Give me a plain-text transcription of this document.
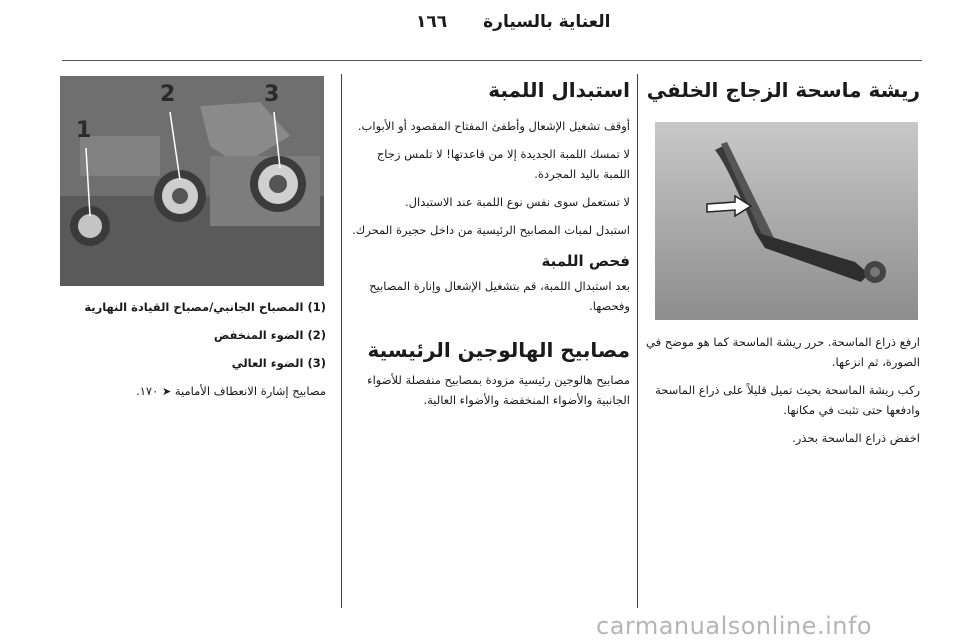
١٦٦ العناية بالسيارة
ريشة ماسحة الزجاج الخلفي

ارفع ذراع الماسحة. حرر ريشة الماسحة كما هو موضح في الصورة، ثم انزعها.

ركب ريشة الماسحة بحيث تميل قليلاً على ذراع الماسحة وادفعها حتى تثبت في مكانها.

اخفض ذراع الماسحة بحذر.

استبدال اللمبة

أوقف تشغيل الإشعال وأطفئ المفتاح المقصود أو الأبواب.

لا تمسك اللمبة الجديدة إلا من قاعدتها! لا تلمس زجاج اللمبة باليد المجردة.

لا تستعمل سوى نفس نوع اللمبة عند الاستبدال.

استبدل لمبات المصابيح الرئيسية من داخل حجيرة المحرك.

فحص اللمبة

بعد استبدال اللمبة، قم بتشغيل الإشعال وإنارة المصابيح وفحصها.

مصابيح الهالوجين الرئيسية

مصابيح هالوجين رئيسية مزودة بمصابيح منفصلة للأضواء الجانبية والأضواء المنخفضة والأضواء العالية.

2	3
1

(1) المصباح الجانبي/مصباح القيادة النهارية

(2) الضوء المنخفض

(3) الضوء العالي

مصابيح إشارة الانعطاف الأمامية ➤ ١٧٠.

carmanualsonline.info
